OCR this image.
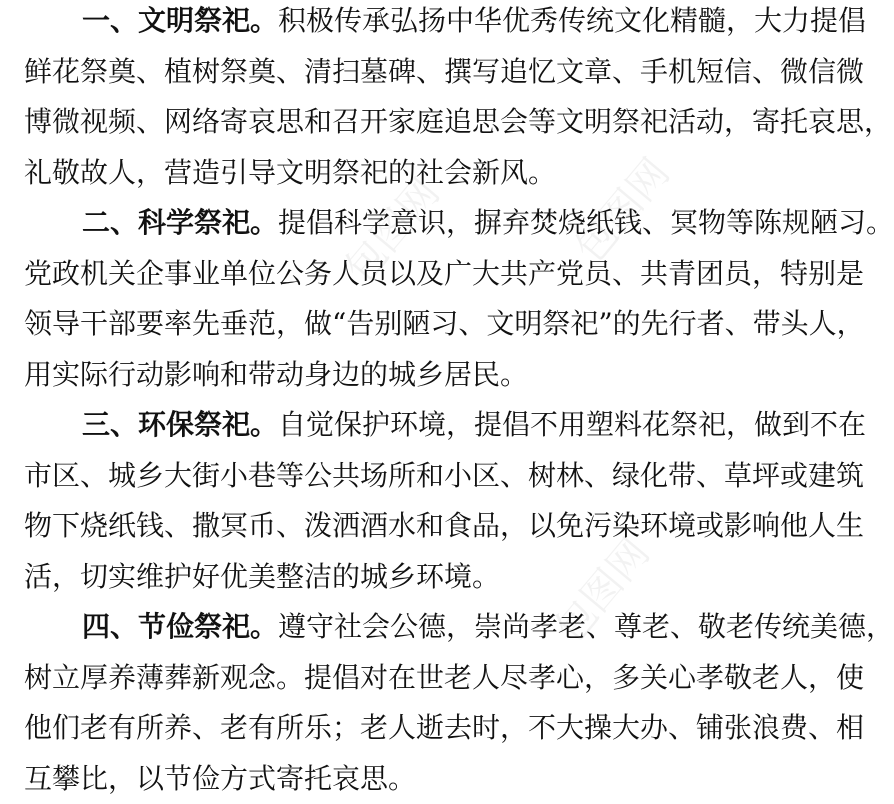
包图网	包图网
包图网
一、文明祭祀。积极传承弘扬中华优秀传统文化精髓，大力提倡
鲜花祭奠、植树祭奠、清扫墓碑、撰写追忆文章、手机短信、微信微
博微视频、网络寄哀思和召开家庭追思会等文明祭祀活动，寄托哀思，
礼敬故人，营造引导文明祭祀的社会新风。
二、科学祭祀。提倡科学意识，摒弃焚烧纸钱、冥物等陈规陋习。
党政机关企事业单位公务人员以及广大共产党员、共青团员，特别是
领导干部要率先垂范，做“告别陋习、文明祭祀”的先行者、带头人，
用实际行动影响和带动身边的城乡居民。
三、环保祭祀。自觉保护环境，提倡不用塑料花祭祀，做到不在
市区、城乡大街小巷等公共场所和小区、树林、绿化带、草坪或建筑
物下烧纸钱、撒冥币、泼洒酒水和食品，以免污染环境或影响他人生
活，切实维护好优美整洁的城乡环境。
四、节俭祭祀。遵守社会公德，崇尚孝老、尊老、敬老传统美德，
树立厚养薄葬新观念。提倡对在世老人尽孝心，多关心孝敬老人，使
他们老有所养、老有所乐；老人逝去时，不大操大办、铺张浪费、相
互攀比，以节俭方式寄托哀思。
